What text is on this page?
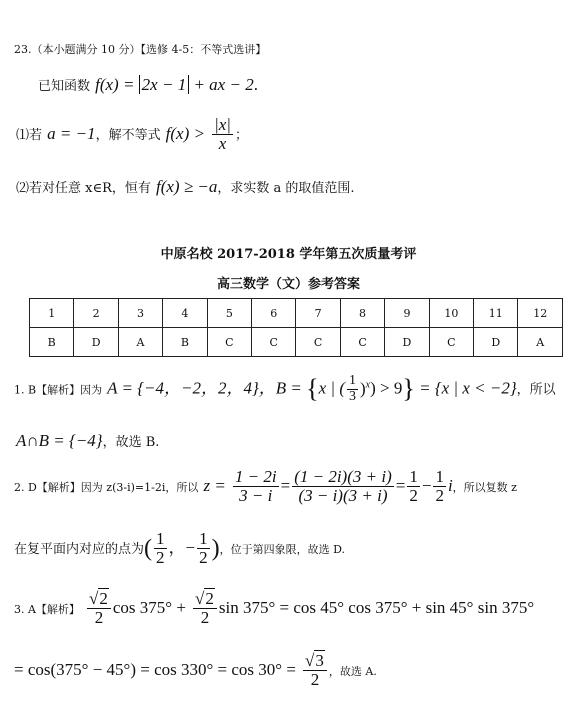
23.（本小题满分 10 分）【选修 4-5：不等式选讲】
已知函数 f(x) = 2x − 1 + ax − 2.
⑴若 a = −1，解不等式 $f(x) > \frac{|x|}{x}$ ；
⑵若对任意 x∈R，恒有 f(x) ≥ −a，求实数 a 的取值范围.
中原名校 2017-2018 学年第五次质量考评
高三数学（文）参考答案
1	2	3	4	5	6	7	8	9	10	11	12
B	D	A	B	C	C	C	C	D	C	D	A
1. B【解析】因为 A = {−4，−2，2，4}，B = {x | ( $\frac{1}{3} )^x) > 9\} = \{x$ | x < −2}，所以
A∩B = {−4}，故选 B.
2. D【解析】因为 z(3-i)=1-2i，所以 $z = \frac{1 - 2i}{3 - i} = \frac{(1 - 2i)(3 + i)}{(3 - i)(3 + i)} = \frac{1}{2} - \frac{1}{2}$ i，所以复数 z
在复平面内对应的点为( $\frac{1}{2}$ ，− $\frac{1}{2}$ )，位于第四象限，故选 D.
3. A【解析】 $\frac{√2}{2}$ $\cos 375^\circ + \frac{√2}{2}$ sin 375° = cos 45° cos 375° + sin 45° sin 375°
= $\cos(375^\circ - 45^\circ) = \cos 330^\circ = \cos 30^\circ = \frac{√3}{2}$ ，故选 A.
